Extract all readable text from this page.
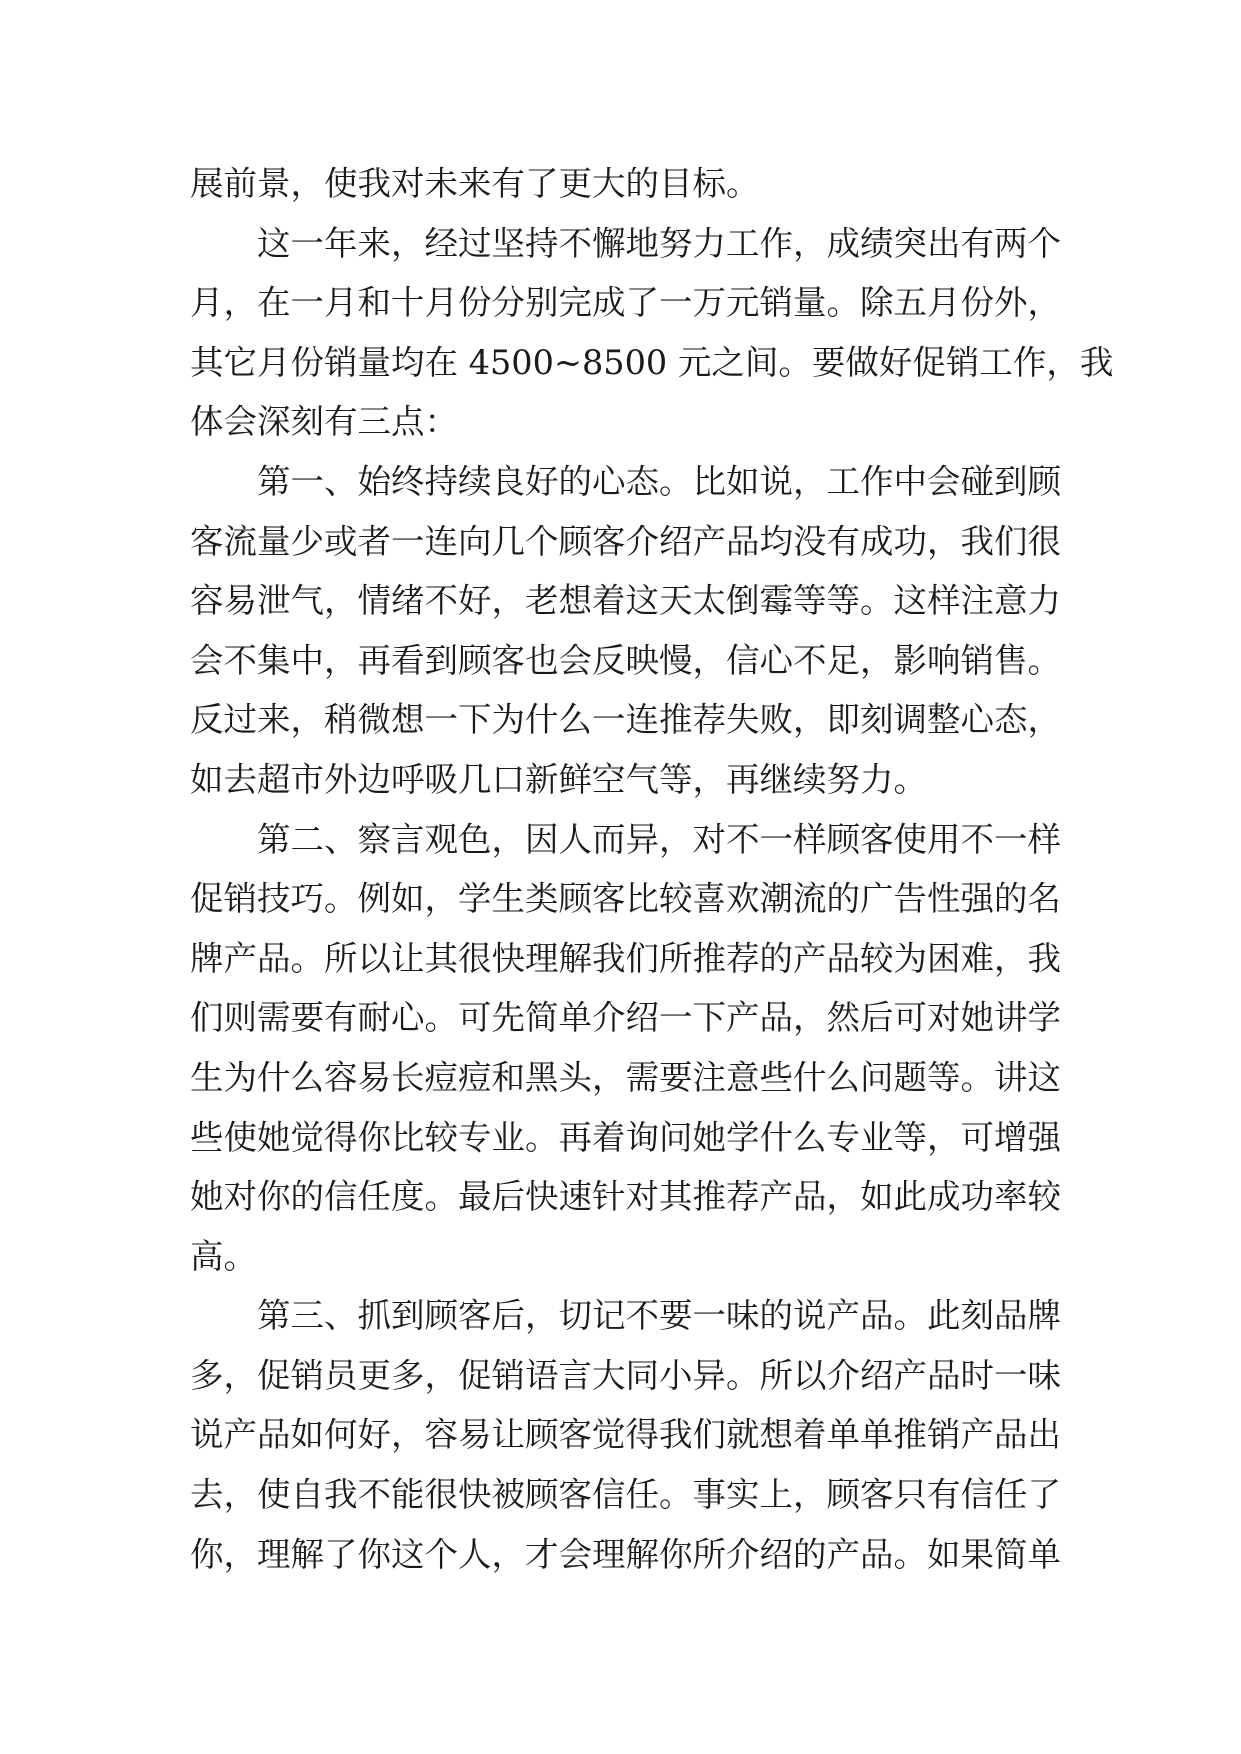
展前景，使我对未来有了更大的目标。
这一年来，经过坚持不懈地努力工作，成绩突出有两个
月，在一月和十月份分别完成了一万元销量。除五月份外，
其它月份销量均在 4500~8500 元之间。要做好促销工作，我
体会深刻有三点：
第一、始终持续良好的心态。比如说，工作中会碰到顾
客流量少或者一连向几个顾客介绍产品均没有成功，我们很
容易泄气，情绪不好，老想着这天太倒霉等等。这样注意力
会不集中，再看到顾客也会反映慢，信心不足，影响销售。
反过来，稍微想一下为什么一连推荐失败，即刻调整心态，
如去超市外边呼吸几口新鲜空气等，再继续努力。
第二、察言观色，因人而异，对不一样顾客使用不一样
促销技巧。例如，学生类顾客比较喜欢潮流的广告性强的名
牌产品。所以让其很快理解我们所推荐的产品较为困难，我
们则需要有耐心。可先简单介绍一下产品，然后可对她讲学
生为什么容易长痘痘和黑头，需要注意些什么问题等。讲这
些使她觉得你比较专业。再着询问她学什么专业等，可增强
她对你的信任度。最后快速针对其推荐产品，如此成功率较
高。
第三、抓到顾客后，切记不要一味的说产品。此刻品牌
多，促销员更多，促销语言大同小异。所以介绍产品时一味
说产品如何好，容易让顾客觉得我们就想着单单推销产品出
去，使自我不能很快被顾客信任。事实上，顾客只有信任了
你，理解了你这个人，才会理解你所介绍的产品。如果简单
